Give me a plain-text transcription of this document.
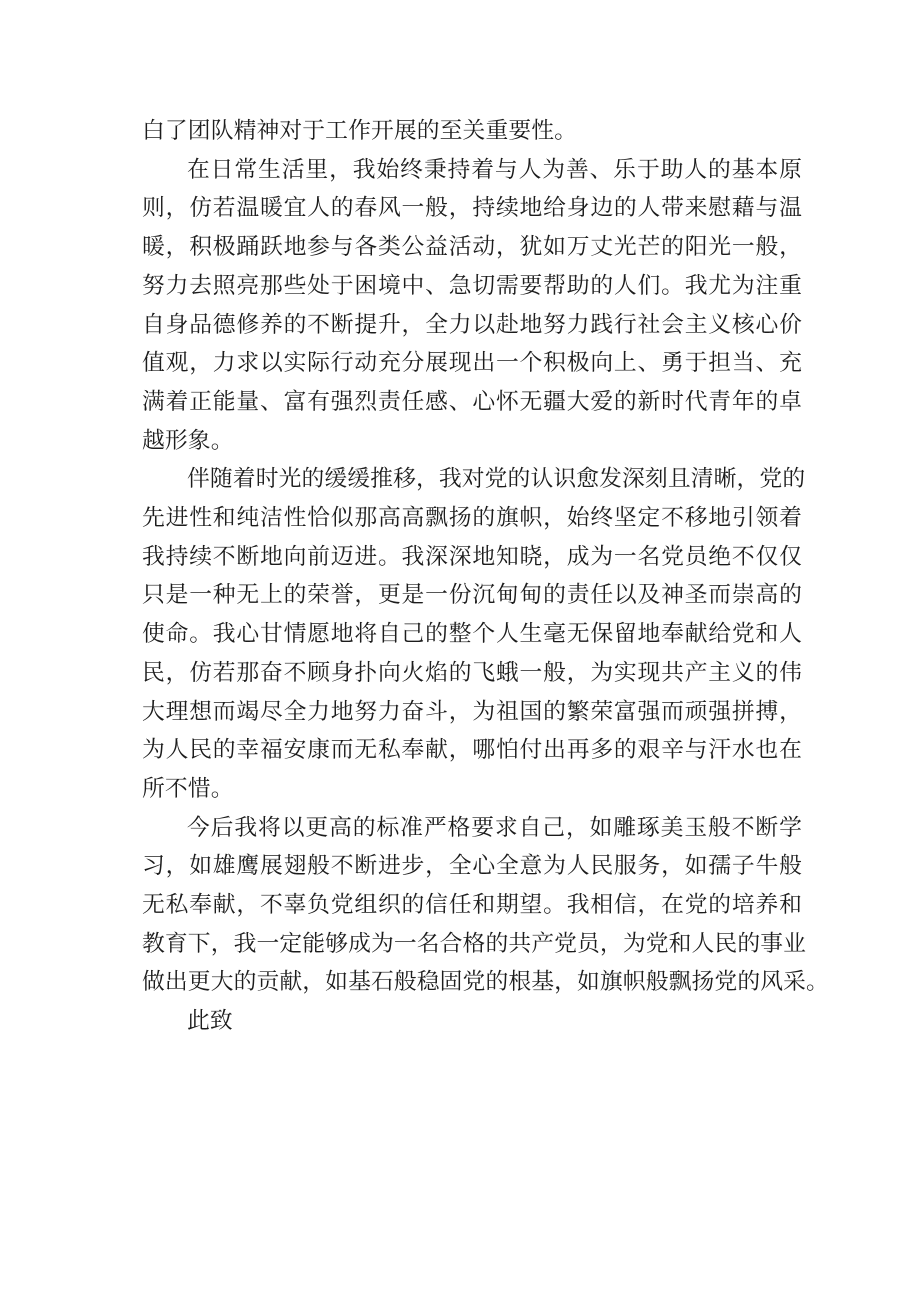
白了团队精神对于工作开展的至关重要性。
在日常生活里，我始终秉持着与人为善、乐于助人的基本原
则，仿若温暖宜人的春风一般，持续地给身边的人带来慰藉与温
暖，积极踊跃地参与各类公益活动，犹如万丈光芒的阳光一般，
努力去照亮那些处于困境中、急切需要帮助的人们。我尤为注重
自身品德修养的不断提升，全力以赴地努力践行社会主义核心价
值观，力求以实际行动充分展现出一个积极向上、勇于担当、充
满着正能量、富有强烈责任感、心怀无疆大爱的新时代青年的卓
越形象。
伴随着时光的缓缓推移，我对党的认识愈发深刻且清晰，党的
先进性和纯洁性恰似那高高飘扬的旗帜，始终坚定不移地引领着
我持续不断地向前迈进。我深深地知晓，成为一名党员绝不仅仅
只是一种无上的荣誉，更是一份沉甸甸的责任以及神圣而崇高的
使命。我心甘情愿地将自己的整个人生毫无保留地奉献给党和人
民，仿若那奋不顾身扑向火焰的飞蛾一般，为实现共产主义的伟
大理想而竭尽全力地努力奋斗，为祖国的繁荣富强而顽强拼搏，
为人民的幸福安康而无私奉献，哪怕付出再多的艰辛与汗水也在
所不惜。
今后我将以更高的标准严格要求自己，如雕琢美玉般不断学
习，如雄鹰展翅般不断进步，全心全意为人民服务，如孺子牛般
无私奉献，不辜负党组织的信任和期望。我相信，在党的培养和
教育下，我一定能够成为一名合格的共产党员，为党和人民的事业
做出更大的贡献，如基石般稳固党的根基，如旗帜般飘扬党的风采。
此致
